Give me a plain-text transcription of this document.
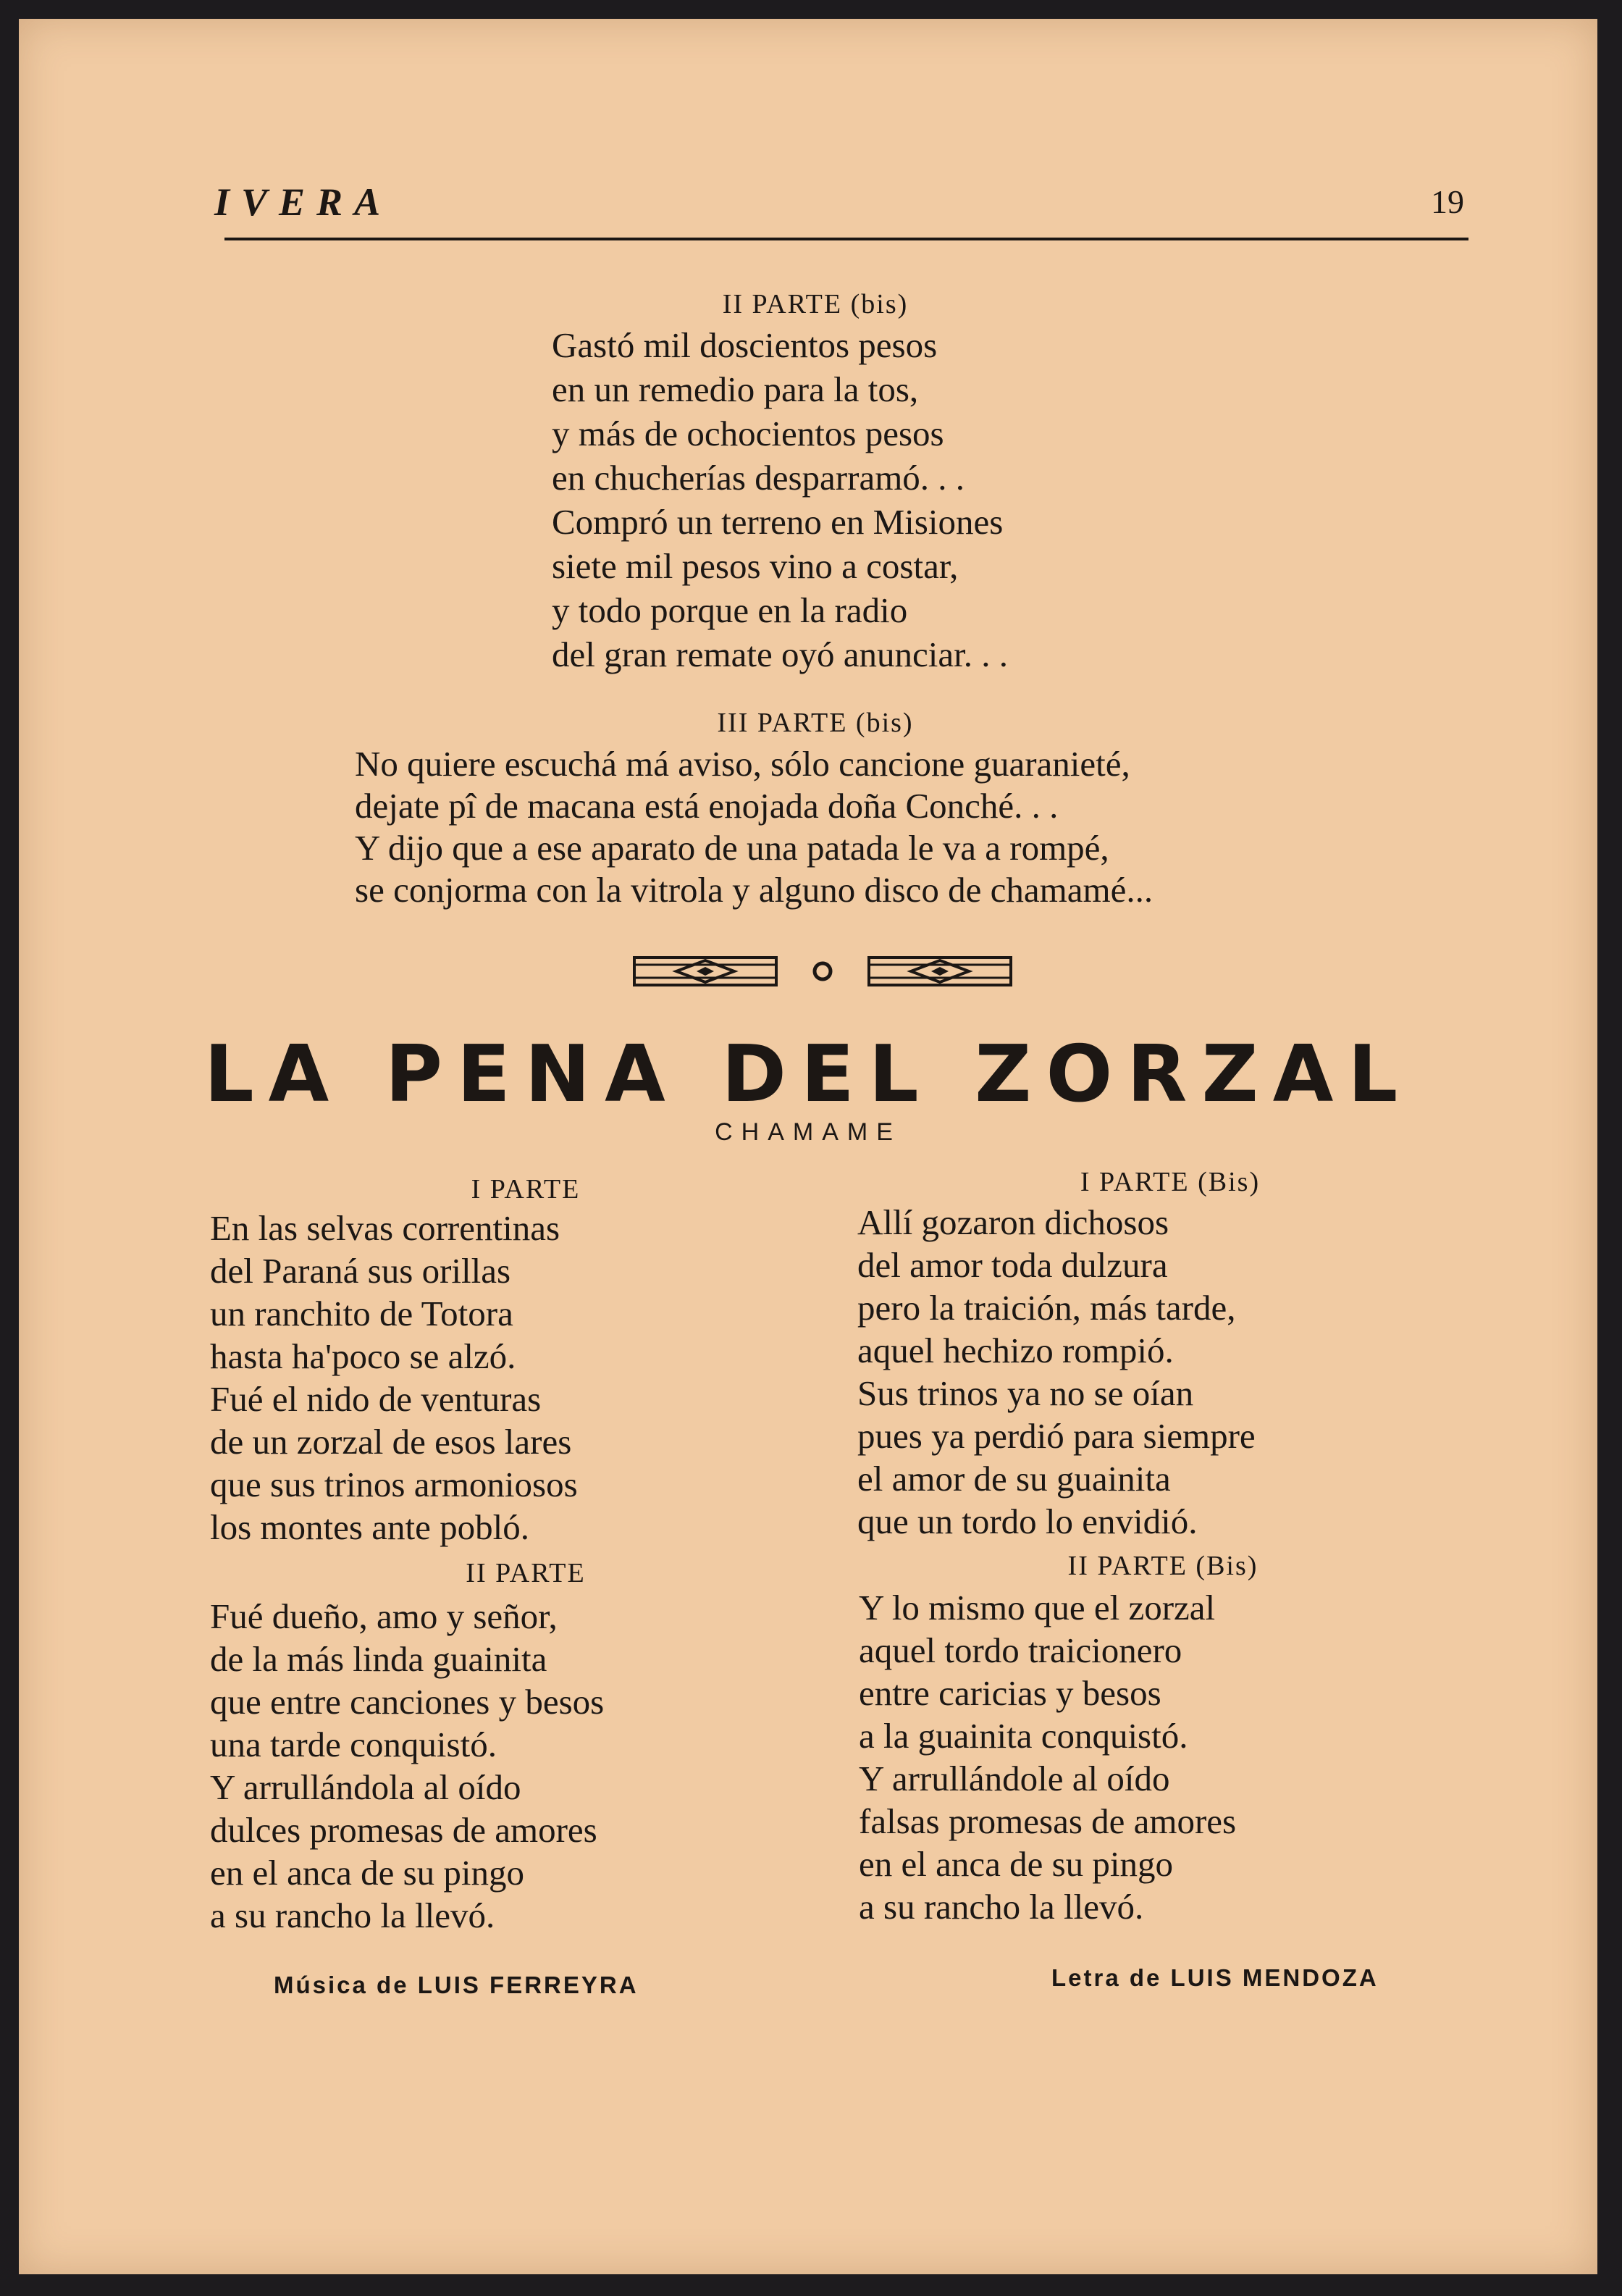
IVERA	19
II PARTE (bis)
Gastó mil doscientos pesos
en un remedio para la tos,
y más de ochocientos pesos
en chucherías desparramó. . .
Compró un terreno en Misiones
siete mil pesos vino a costar,
y todo porque en la radio
del gran remate oyó anunciar. . .
III PARTE (bis)
No quiere escuchá má aviso, sólo cancione guaranieté,
dejate pî de macana está enojada doña Conché. . .
Y dijo que a ese aparato de una patada le va a rompé,
se conjorma con la vitrola y alguno disco de chamamé...
LA PENA DEL ZORZAL
CHAMAME
I PARTE
En las selvas correntinas
del Paraná sus orillas
un ranchito de Totora
hasta ha'poco se alzó.
Fué el nido de venturas
de un zorzal de esos lares
que sus trinos armoniosos
los montes ante pobló.
II PARTE
Fué dueño, amo y señor,
de la más linda guainita
que entre canciones y besos
una tarde conquistó.
Y arrullándola al oído
dulces promesas de amores
en el anca de su pingo
a su rancho la llevó.
I PARTE (Bis)
Allí gozaron dichosos
del amor toda dulzura
pero la traición, más tarde,
aquel hechizo rompió.
Sus trinos ya no se oían
pues ya perdió para siempre
el amor de su guainita
que un tordo lo envidió.
II PARTE (Bis)
Y lo mismo que el zorzal
aquel tordo traicionero
entre caricias y besos
a la guainita conquistó.
Y arrullándole al oído
falsas promesas de amores
en el anca de su pingo
a su rancho la llevó.
Música de LUIS FERREYRA	Letra de LUIS MENDOZA
